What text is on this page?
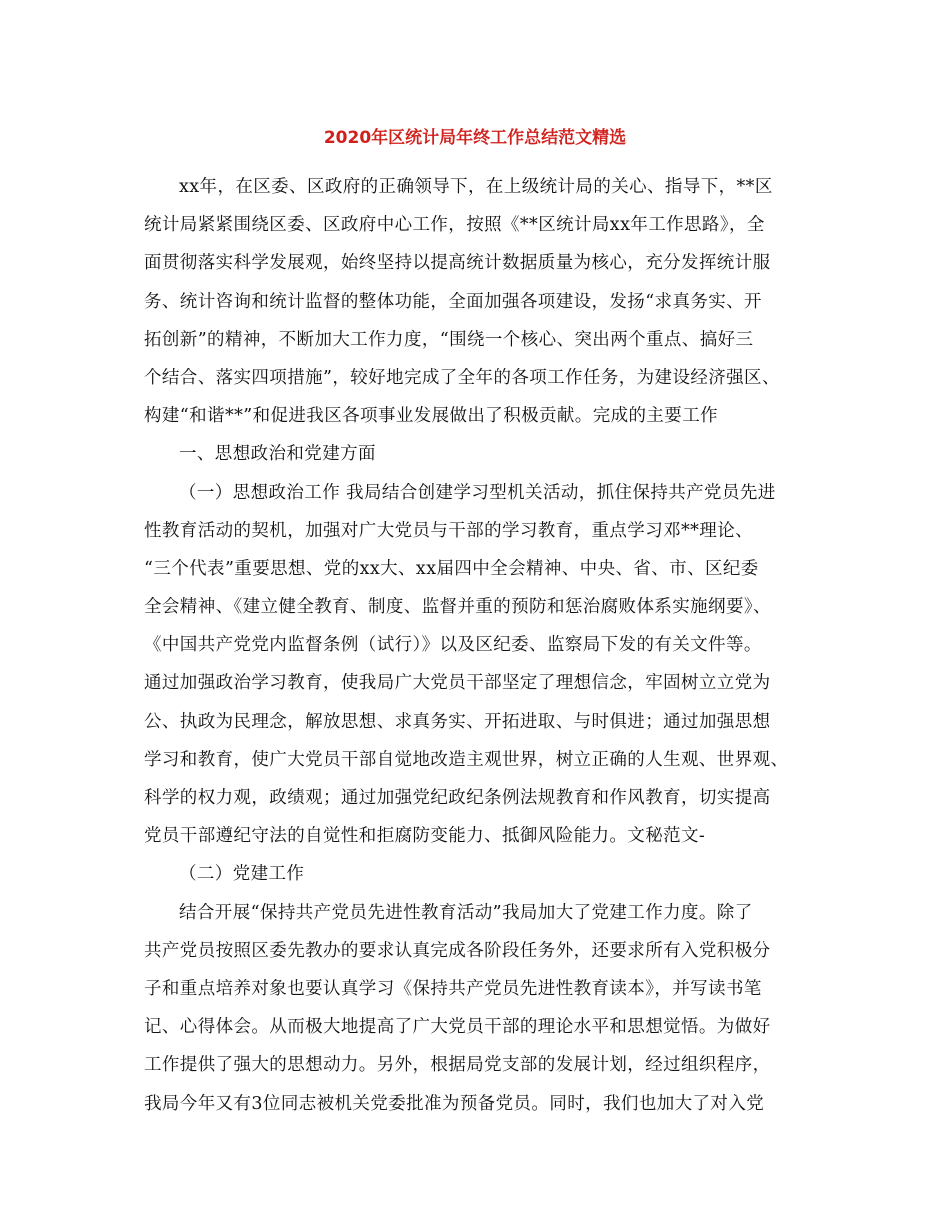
2020年区统计局年终工作总结范文精选
xx年，在区委、区政府的正确领导下，在上级统计局的关心、指导下，**区
统计局紧紧围绕区委、区政府中心工作，按照《**区统计局xx年工作思路》，全
面贯彻落实科学发展观，始终坚持以提高统计数据质量为核心，充分发挥统计服
务、统计咨询和统计监督的整体功能，全面加强各项建设，发扬“求真务实、开
拓创新”的精神，不断加大工作力度，“围绕一个核心、突出两个重点、搞好三
个结合、落实四项措施”，较好地完成了全年的各项工作任务，为建设经济强区、
构建“和谐**”和促进我区各项事业发展做出了积极贡献。完成的主要工作
一、思想政治和党建方面
（一）思想政治工作 我局结合创建学习型机关活动，抓住保持共产党员先进
性教育活动的契机，加强对广大党员与干部的学习教育，重点学习邓**理论、
“三个代表”重要思想、党的xx大、xx届四中全会精神、中央、省、市、区纪委
全会精神、《建立健全教育、制度、监督并重的预防和惩治腐败体系实施纲要》、
《中国共产党党内监督条例（试行）》以及区纪委、监察局下发的有关文件等。
通过加强政治学习教育，使我局广大党员干部坚定了理想信念，牢固树立立党为
公、执政为民理念，解放思想、求真务实、开拓进取、与时俱进；通过加强思想
学习和教育，使广大党员干部自觉地改造主观世界，树立正确的人生观、世界观、
科学的权力观，政绩观；通过加强党纪政纪条例法规教育和作风教育，切实提高
党员干部遵纪守法的自觉性和拒腐防变能力、抵御风险能力。文秘范文-
（二）党建工作
结合开展“保持共产党员先进性教育活动”我局加大了党建工作力度。除了
共产党员按照区委先教办的要求认真完成各阶段任务外，还要求所有入党积极分
子和重点培养对象也要认真学习《保持共产党员先进性教育读本》，并写读书笔
记、心得体会。从而极大地提高了广大党员干部的理论水平和思想觉悟。为做好
工作提供了强大的思想动力。另外，根据局党支部的发展计划，经过组织程序，
我局今年又有3位同志被机关党委批准为预备党员。同时，我们也加大了对入党
